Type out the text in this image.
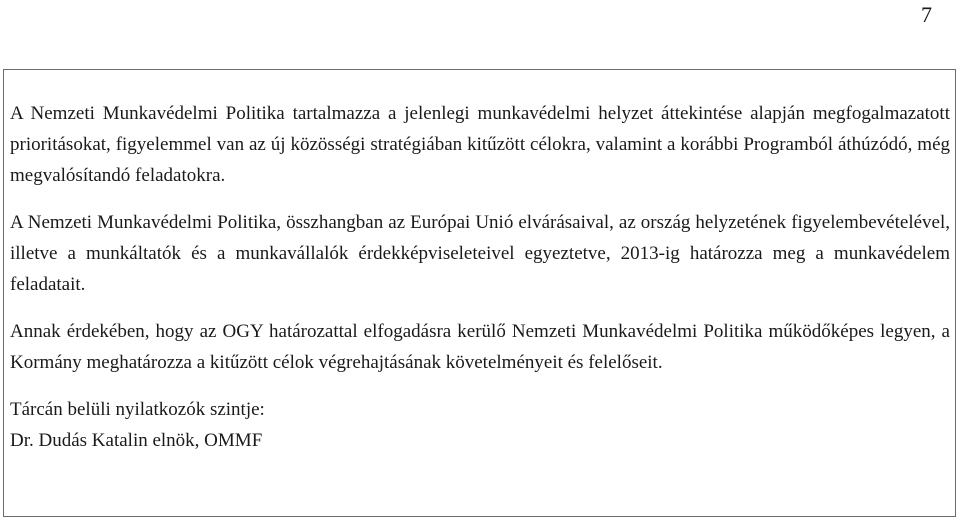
7

A Nemzeti Munkavédelmi Politika tartalmazza a jelenlegi munkavédelmi helyzet áttekintése alapján megfogalmazatott prioritásokat, figyelemmel van az új közösségi stratégiában kitűzött célokra, valamint a korábbi Programból áthúzódó, még megvalósítandó feladatokra.

A Nemzeti Munkavédelmi Politika, összhangban az Európai Unió elvárásaival, az ország helyzetének figyelembevételével, illetve a munkáltatók és a munkavállalók érdekképviseleteivel egyeztetve, 2013-ig határozza meg a munkavédelem feladatait.

Annak érdekében, hogy az OGY határozattal elfogadásra kerülő Nemzeti Munkavédelmi Politika működőképes legyen, a Kormány meghatározza a kitűzött célok végrehajtásának követelményeit és felelőseit.

Tárcán belüli nyilatkozók szintje:

Dr. Dudás Katalin elnök, OMMF
